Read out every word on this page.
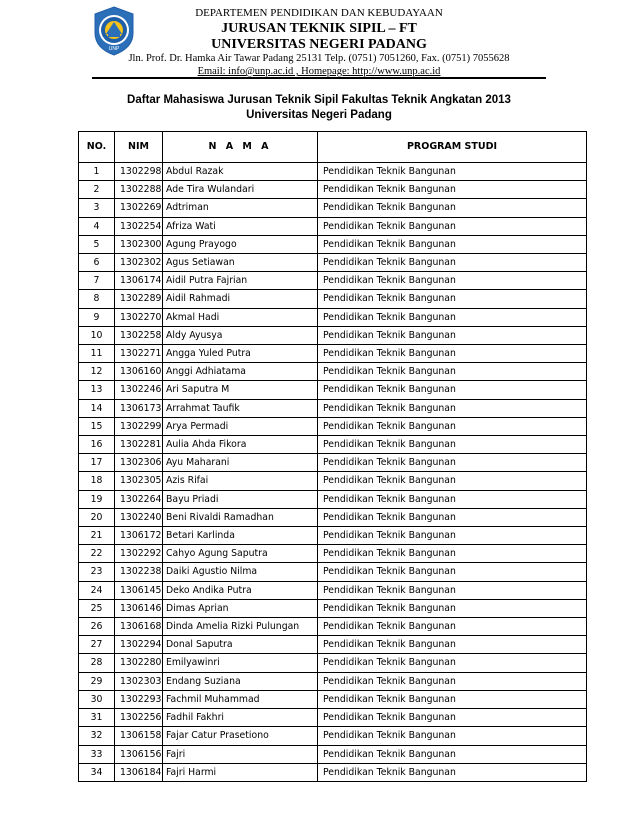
UNP
DEPARTEMEN PENDIDIKAN DAN KEBUDAYAAN
JURUSAN TEKNIK SIPIL – FT
UNIVERSITAS NEGERI PADANG
Jln. Prof. Dr. Hamka Air Tawar Padang 25131 Telp. (0751) 7051260, Fax. (0751) 7055628
Email: info@unp.ac.id , Homepage: http://www.unp.ac.id
Daftar Mahasiswa Jurusan Teknik Sipil Fakultas Teknik Angkatan 2013
Universitas Negeri Padang
NO.	NIM	N A M A	PROGRAM STUDI
1	1302298	Abdul Razak	Pendidikan Teknik Bangunan
2	1302288	Ade Tira Wulandari	Pendidikan Teknik Bangunan
3	1302269	Adtriman	Pendidikan Teknik Bangunan
4	1302254	Afriza Wati	Pendidikan Teknik Bangunan
5	1302300	Agung Prayogo	Pendidikan Teknik Bangunan
6	1302302	Agus Setiawan	Pendidikan Teknik Bangunan
7	1306174	Aidil Putra Fajrian	Pendidikan Teknik Bangunan
8	1302289	Aidil Rahmadi	Pendidikan Teknik Bangunan
9	1302270	Akmal Hadi	Pendidikan Teknik Bangunan
10	1302258	Aldy Ayusya	Pendidikan Teknik Bangunan
11	1302271	Angga Yuled Putra	Pendidikan Teknik Bangunan
12	1306160	Anggi Adhiatama	Pendidikan Teknik Bangunan
13	1302246	Ari Saputra M	Pendidikan Teknik Bangunan
14	1306173	Arrahmat Taufik	Pendidikan Teknik Bangunan
15	1302299	Arya Permadi	Pendidikan Teknik Bangunan
16	1302281	Aulia Ahda Fikora	Pendidikan Teknik Bangunan
17	1302306	Ayu Maharani	Pendidikan Teknik Bangunan
18	1302305	Azis Rifai	Pendidikan Teknik Bangunan
19	1302264	Bayu Priadi	Pendidikan Teknik Bangunan
20	1302240	Beni Rivaldi Ramadhan	Pendidikan Teknik Bangunan
21	1306172	Betari Karlinda	Pendidikan Teknik Bangunan
22	1302292	Cahyo Agung Saputra	Pendidikan Teknik Bangunan
23	1302238	Daiki Agustio Nilma	Pendidikan Teknik Bangunan
24	1306145	Deko Andika Putra	Pendidikan Teknik Bangunan
25	1306146	Dimas Aprian	Pendidikan Teknik Bangunan
26	1306168	Dinda Amelia Rizki Pulungan	Pendidikan Teknik Bangunan
27	1302294	Donal Saputra	Pendidikan Teknik Bangunan
28	1302280	Emilyawinri	Pendidikan Teknik Bangunan
29	1302303	Endang Suziana	Pendidikan Teknik Bangunan
30	1302293	Fachmil Muhammad	Pendidikan Teknik Bangunan
31	1302256	Fadhil Fakhri	Pendidikan Teknik Bangunan
32	1306158	Fajar Catur Prasetiono	Pendidikan Teknik Bangunan
33	1306156	Fajri	Pendidikan Teknik Bangunan
34	1306184	Fajri Harmi	Pendidikan Teknik Bangunan
